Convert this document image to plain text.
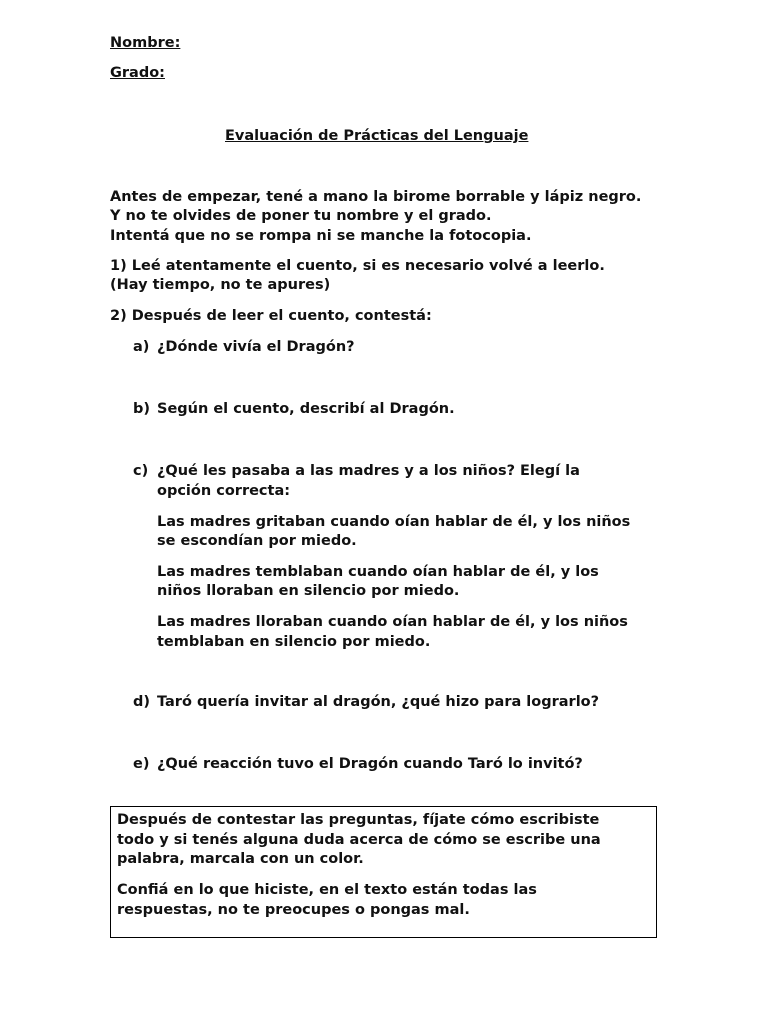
Nombre:

Grado:

Evaluación de Prácticas del Lenguaje

Antes de empezar, tené a mano la birome borrable y lápiz negro.

Y no te olvides de poner tu nombre y el grado.

Intentá que no se rompa ni se manche la fotocopia.

1) Leé atentamente el cuento, si es necesario volvé a leerlo.

(Hay tiempo, no te apures)

2) Después de leer el cuento, contestá:

a) ¿Dónde vivía el Dragón?

b) Según el cuento, describí al Dragón.

c) ¿Qué les pasaba a las madres y a los niños? Elegí la

opción correcta:

Las madres gritaban cuando oían hablar de él, y los niños

se escondían por miedo.

Las madres temblaban cuando oían hablar de él, y los

niños lloraban en silencio por miedo.

Las madres lloraban cuando oían hablar de él, y los niños

temblaban en silencio por miedo.

d) Taró quería invitar al dragón, ¿qué hizo para lograrlo?

e) ¿Qué reacción tuvo el Dragón cuando Taró lo invitó?

Después de contestar las preguntas, fíjate cómo escribiste

todo y si tenés alguna duda acerca de cómo se escribe una

palabra, marcala con un color.

Confiá en lo que hiciste, en el texto están todas las

respuestas, no te preocupes o pongas mal.
